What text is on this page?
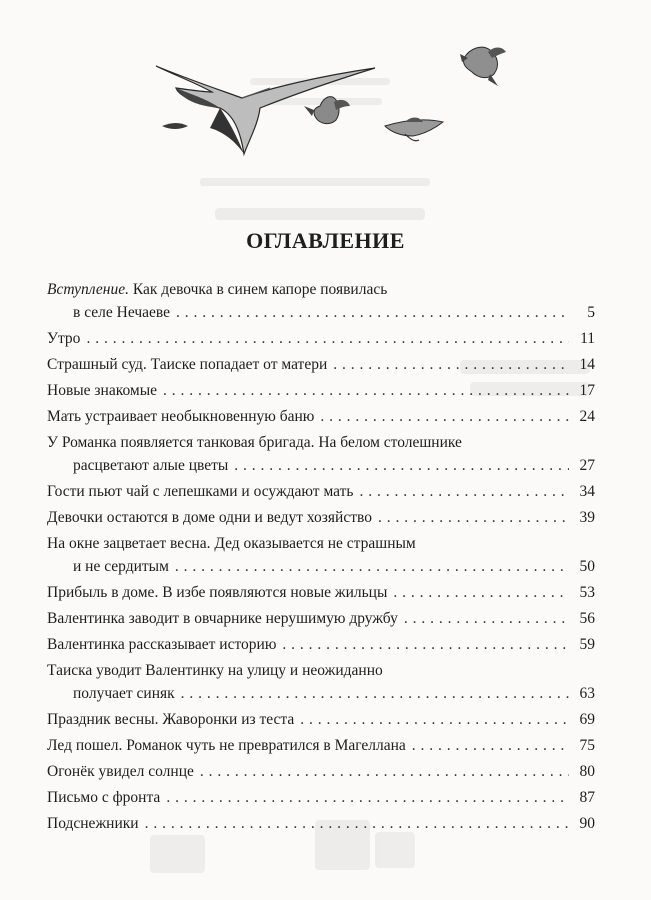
ОГЛАВЛЕНИЕ
Вступление. Как девочка в синем капоре появилась
в селе Нечаеве . . .	5
Утро . . .	11
Страшный суд. Таиске попадает от матери . . .	14
Новые знакомые . . .	17
Мать устраивает необыкновенную баню . . .	24
У Романка появляется танковая бригада. На белом столешнике
расцветают алые цветы . . .	27
Гости пьют чай с лепешками и осуждают мать . . .	34
Девочки остаются в доме одни и ведут хозяйство . . .	39
На окне зацветает весна. Дед оказывается не страшным
и не сердитым . . .	50
Прибыль в доме. В избе появляются новые жильцы . . .	53
Валентинка заводит в овчарнике нерушимую дружбу . . .	56
Валентинка рассказывает историю . . .	59
Таиска уводит Валентинку на улицу и неожиданно
получает синяк . . .	63
Праздник весны. Жаворонки из теста . . .	69
Лед пошел. Романок чуть не превратился в Магеллана . . .	75
Огонёк увидел солнце . . .	80
Письмо с фронта . . .	87
Подснежники . . .	90
